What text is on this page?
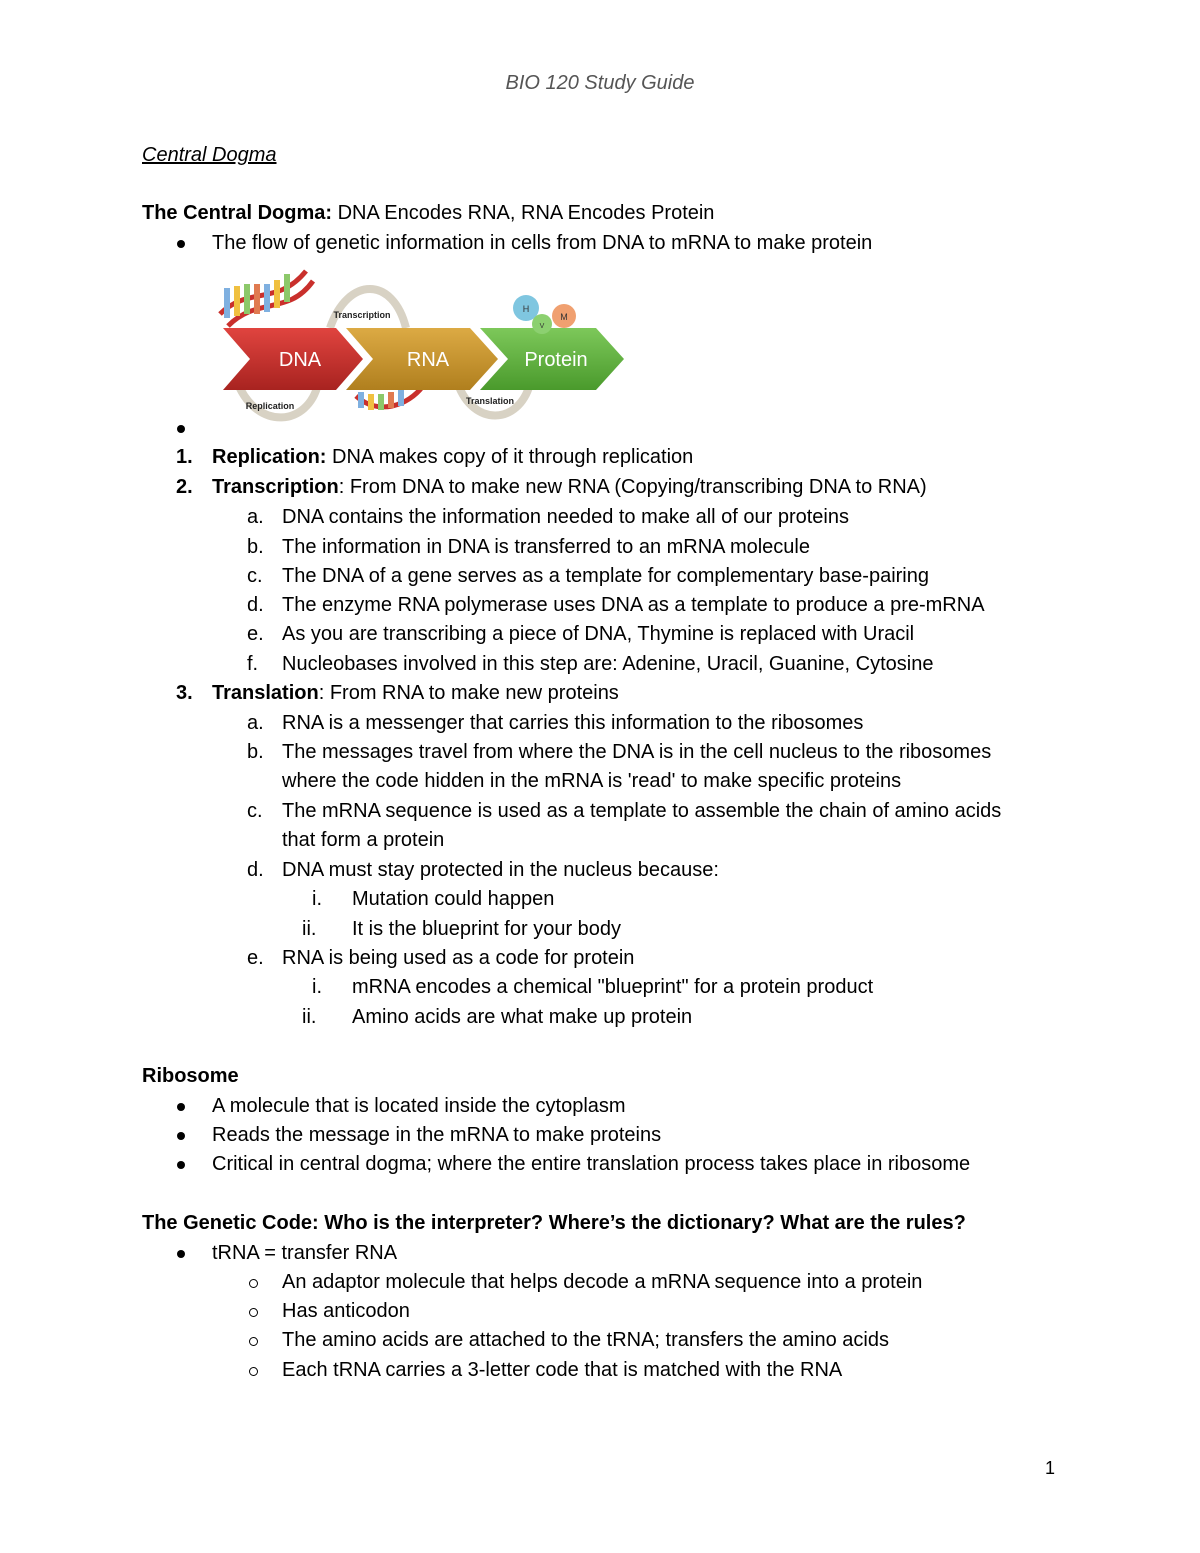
BIO 120 Study Guide
Central Dogma
The Central Dogma: DNA Encodes RNA, RNA Encodes Protein
The flow of genetic information in cells from DNA to mRNA to make protein
DNA	RNA	Protein
Transcription
Translation
Replication
H
M
V
1. Replication: DNA makes copy of it through replication
2. Transcription: From DNA to make new RNA (Copying/transcribing DNA to RNA)
a. DNA contains the information needed to make all of our proteins
b. The information in DNA is transferred to an mRNA molecule
c. The DNA of a gene serves as a template for complementary base-pairing
d. The enzyme RNA polymerase uses DNA as a template to produce a pre-mRNA
e. As you are transcribing a piece of DNA, Thymine is replaced with Uracil
f. Nucleobases involved in this step are: Adenine, Uracil, Guanine, Cytosine
3. Translation: From RNA to make new proteins
a. RNA is a messenger that carries this information to the ribosomes
b. The messages travel from where the DNA is in the cell nucleus to the ribosomes
where the code hidden in the mRNA is 'read' to make specific proteins
c. The mRNA sequence is used as a template to assemble the chain of amino acids
that form a protein
d. DNA must stay protected in the nucleus because:
i. Mutation could happen
ii. It is the blueprint for your body
e. RNA is being used as a code for protein
i. mRNA encodes a chemical "blueprint" for a protein product
ii. Amino acids are what make up protein
Ribosome
A molecule that is located inside the cytoplasm
Reads the message in the mRNA to make proteins
Critical in central dogma; where the entire translation process takes place in ribosome
The Genetic Code: Who is the interpreter? Where’s the dictionary? What are the rules?
tRNA = transfer RNA
An adaptor molecule that helps decode a mRNA sequence into a protein
Has anticodon
The amino acids are attached to the tRNA; transfers the amino acids
Each tRNA carries a 3-letter code that is matched with the RNA
1
